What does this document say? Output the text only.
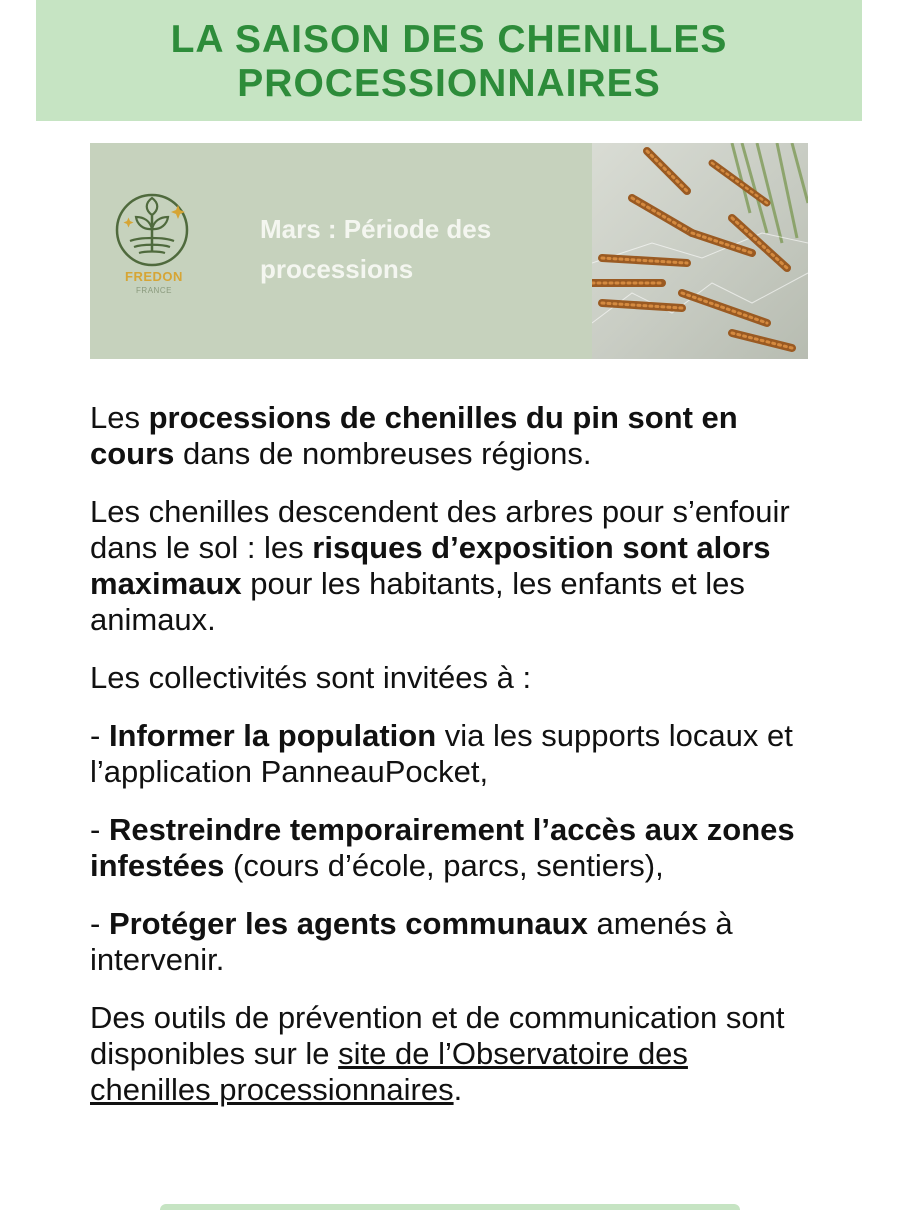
LA SAISON DES CHENILLES
PROCESSIONNAIRES
FREDON
FRANCE
Mars : Période des
processions

Les processions de chenilles du pin sont en cours dans de nombreuses régions.

Les chenilles descendent des arbres pour s’enfouir dans le sol : les risques d’exposition sont alors maximaux pour les habitants, les enfants et les animaux.

Les collectivités sont invitées à :

- Informer la population via les supports locaux et l’application PanneauPocket,

- Restreindre temporairement l’accès aux zones infestées (cours d’école, parcs, sentiers),

- Protéger les agents communaux amenés à intervenir.

Des outils de prévention et de communication sont disponibles sur le site de l’Observatoire des chenilles processionnaires.
